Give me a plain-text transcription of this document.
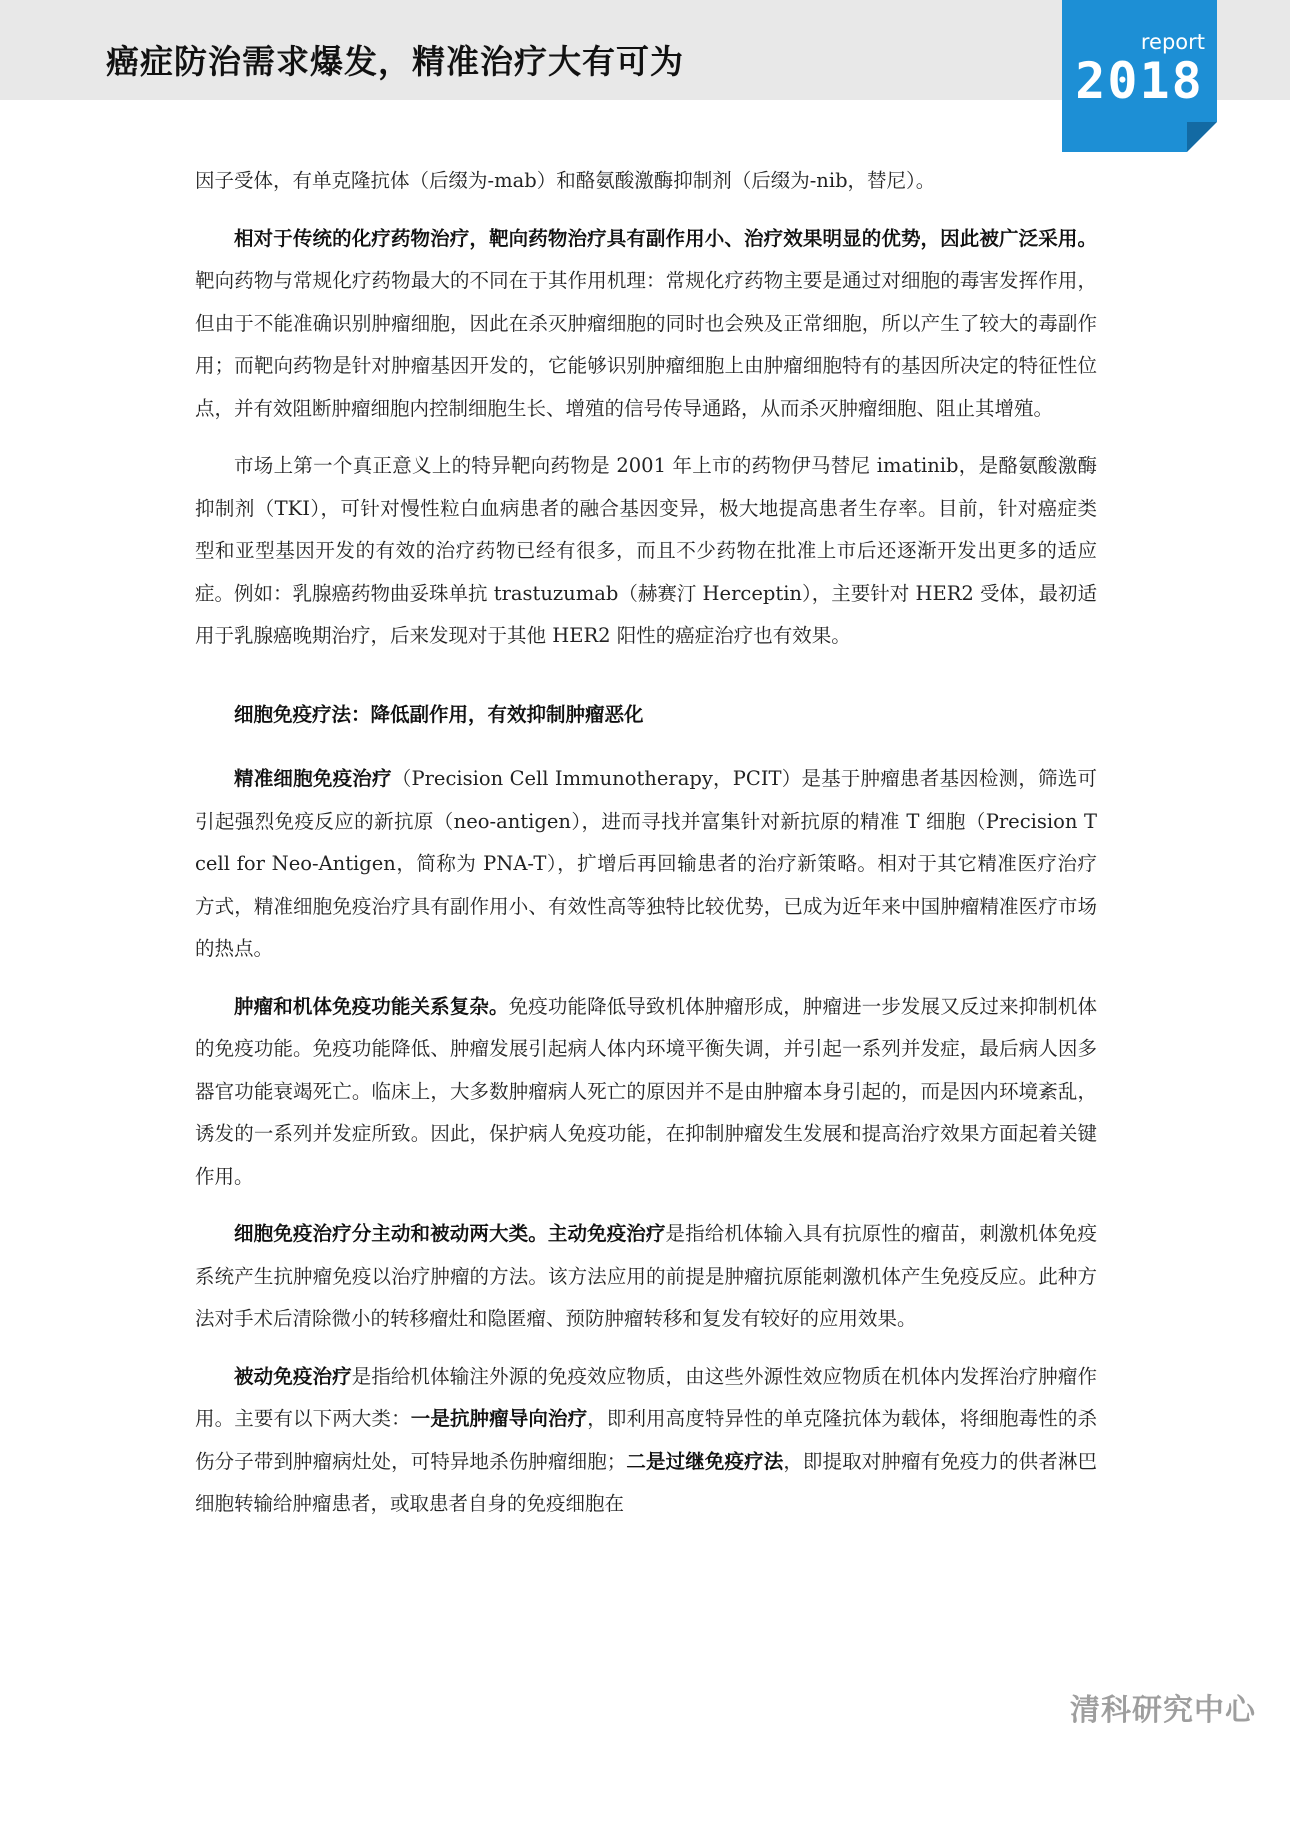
癌症防治需求爆发，精准治疗大有可为	report
2018

因子受体，有单克隆抗体（后缀为-mab）和酪氨酸激酶抑制剂（后缀为-nib，替尼）。

相对于传统的化疗药物治疗，靶向药物治疗具有副作用小、治疗效果明显的优势，因此被广泛采用。靶向药物与常规化疗药物最大的不同在于其作用机理：常规化疗药物主要是通过对细胞的毒害发挥作用，但由于不能准确识别肿瘤细胞，因此在杀灭肿瘤细胞的同时也会殃及正常细胞，所以产生了较大的毒副作用；而靶向药物是针对肿瘤基因开发的，它能够识别肿瘤细胞上由肿瘤细胞特有的基因所决定的特征性位点，并有效阻断肿瘤细胞内控制细胞生长、增殖的信号传导通路，从而杀灭肿瘤细胞、阻止其增殖。

市场上第一个真正意义上的特异靶向药物是 2001 年上市的药物伊马替尼 imatinib，是酪氨酸激酶抑制剂（TKI），可针对慢性粒白血病患者的融合基因变异，极大地提高患者生存率。目前，针对癌症类型和亚型基因开发的有效的治疗药物已经有很多，而且不少药物在批准上市后还逐渐开发出更多的适应症。例如：乳腺癌药物曲妥珠单抗 trastuzumab（赫赛汀 Herceptin），主要针对 HER2 受体，最初适用于乳腺癌晚期治疗，后来发现对于其他 HER2 阳性的癌症治疗也有效果。

细胞免疫疗法：降低副作用，有效抑制肿瘤恶化

精准细胞免疫治疗（Precision Cell Immunotherapy，PCIT）是基于肿瘤患者基因检测，筛选可引起强烈免疫反应的新抗原（neo-antigen），进而寻找并富集针对新抗原的精准 T 细胞（Precision T cell for Neo-Antigen，简称为 PNA-T），扩增后再回输患者的治疗新策略。相对于其它精准医疗治疗方式，精准细胞免疫治疗具有副作用小、有效性高等独特比较优势，已成为近年来中国肿瘤精准医疗市场的热点。

肿瘤和机体免疫功能关系复杂。免疫功能降低导致机体肿瘤形成，肿瘤进一步发展又反过来抑制机体的免疫功能。免疫功能降低、肿瘤发展引起病人体内环境平衡失调，并引起一系列并发症，最后病人因多器官功能衰竭死亡。临床上，大多数肿瘤病人死亡的原因并不是由肿瘤本身引起的，而是因内环境紊乱，诱发的一系列并发症所致。因此，保护病人免疫功能，在抑制肿瘤发生发展和提高治疗效果方面起着关键作用。

细胞免疫治疗分主动和被动两大类。主动免疫治疗是指给机体输入具有抗原性的瘤苗，刺激机体免疫系统产生抗肿瘤免疫以治疗肿瘤的方法。该方法应用的前提是肿瘤抗原能刺激机体产生免疫反应。此种方法对手术后清除微小的转移瘤灶和隐匿瘤、预防肿瘤转移和复发有较好的应用效果。

被动免疫治疗是指给机体输注外源的免疫效应物质，由这些外源性效应物质在机体内发挥治疗肿瘤作用。主要有以下两大类：一是抗肿瘤导向治疗，即利用高度特异性的单克隆抗体为载体，将细胞毒性的杀伤分子带到肿瘤病灶处，可特异地杀伤肿瘤细胞；二是过继免疫疗法，即提取对肿瘤有免疫力的供者淋巴细胞转输给肿瘤患者，或取患者自身的免疫细胞在

清科研究中心
